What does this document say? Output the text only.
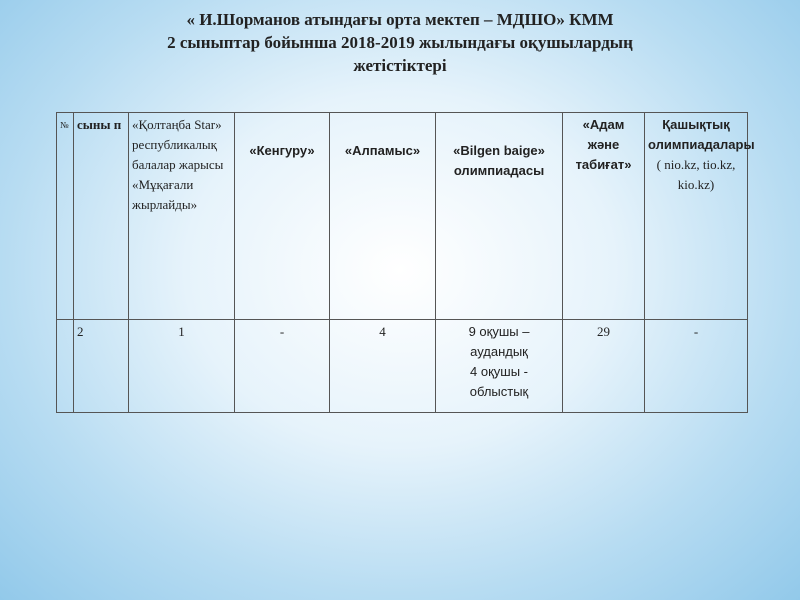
« И.Шорманов атындағы орта мектеп – МДШО» КММ
2 сыныптар бойынша 2018-2019 жылындағы оқушылардың
жетістіктері
№	сыны п	«Қолтаңба Star» республикалық балалар жарысы «Мұқағали жырлайды»	«Кенгуру»	«Алпамыс»	«Bilgen baige» олимпиадасы	«Адам және табиғат»	Қашықтық олимпиадалары
( nio.kz, tio.kz, kio.kz)

	2	1	-	4	9 оқушы –
аудандық
4 оқушы -
облыстық	29	-
